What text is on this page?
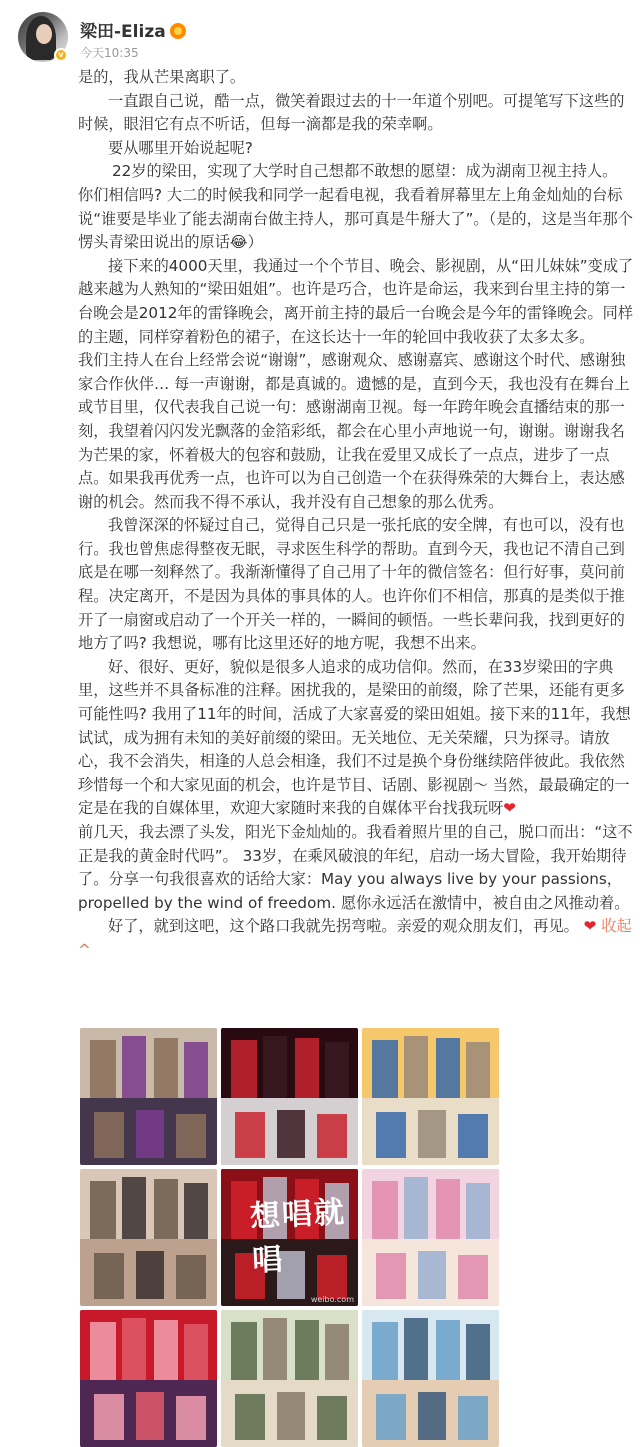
v
梁田-Eliza
今天10:35

是的，我从芒果离职了。

一直跟自己说，酷一点，微笑着跟过去的十一年道个别吧。可提笔写下这些的时候，眼泪它有点不听话，但每一滴都是我的荣幸啊。

要从哪里开始说起呢?

22岁的梁田，实现了大学时自己想都不敢想的愿望：成为湖南卫视主持人。 你们相信吗? 大二的时候我和同学一起看电视，我看着屏幕里左上角金灿灿的台标说“谁要是毕业了能去湖南台做主持人，那可真是牛掰大了”。（是的，这是当年那个愣头青梁田说出的原话😂）

接下来的4000天里，我通过一个个节目、晚会、影视剧，从“田儿妹妹”变成了越来越为人熟知的“梁田姐姐”。也许是巧合，也许是命运，我来到台里主持的第一台晚会是2012年的雷锋晚会，离开前主持的最后一台晚会是今年的雷锋晚会。同样的主题，同样穿着粉色的裙子，在这长达十一年的轮回中我收获了太多太多。

我们主持人在台上经常会说“谢谢”，感谢观众、感谢嘉宾、感谢这个时代、感谢独家合作伙伴… 每一声谢谢，都是真诚的。遗憾的是，直到今天，我也没有在舞台上或节目里，仅代表我自己说一句：感谢湖南卫视。每一年跨年晚会直播结束的那一刻，我望着闪闪发光飘落的金箔彩纸，都会在心里小声地说一句，谢谢。谢谢我名为芒果的家，怀着极大的包容和鼓励，让我在爱里又成长了一点点，进步了一点点。如果我再优秀一点，也许可以为自己创造一个在获得殊荣的大舞台上，表达感谢的机会。然而我不得不承认，我并没有自己想象的那么优秀。

我曾深深的怀疑过自己，觉得自己只是一张托底的安全牌，有也可以，没有也行。我也曾焦虑得整夜无眠，寻求医生科学的帮助。直到今天，我也记不清自己到底是在哪一刻释然了。我渐渐懂得了自己用了十年的微信签名：但行好事，莫问前程。决定离开，不是因为具体的事具体的人。也许你们不相信，那真的是类似于推开了一扇窗或启动了一个开关一样的，一瞬间的顿悟。一些长辈问我，找到更好的地方了吗? 我想说，哪有比这里还好的地方呢，我想不出来。

好、很好、更好，貌似是很多人追求的成功信仰。然而，在33岁梁田的字典里，这些并不具备标准的注释。困扰我的，是梁田的前缀，除了芒果，还能有更多可能性吗? 我用了11年的时间，活成了大家喜爱的梁田姐姐。接下来的11年，我想试试，成为拥有未知的美好前缀的梁田。无关地位、无关荣耀，只为探寻。请放心，我不会消失，相逢的人总会相逢，我们不过是换个身份继续陪伴彼此。我依然珍惜每一个和大家见面的机会，也许是节目、话剧、影视剧～ 当然，最最确定的一定是在我的自媒体里，欢迎大家随时来我的自媒体平台找我玩呀❤

前几天，我去漂了头发，阳光下金灿灿的。我看着照片里的自己，脱口而出：“这不正是我的黄金时代吗”。 33岁，在乘风破浪的年纪，启动一场大冒险，我开始期待了。分享一句我很喜欢的话给大家：May you always live by your passions，propelled by the wind of freedom. 愿你永远活在激情中，被自由之风推动着。

好了，就到这吧，这个路口我就先拐弯啦。亲爱的观众朋友们，再见。 ❤ 收起^

想唱就唱
weibo.com
